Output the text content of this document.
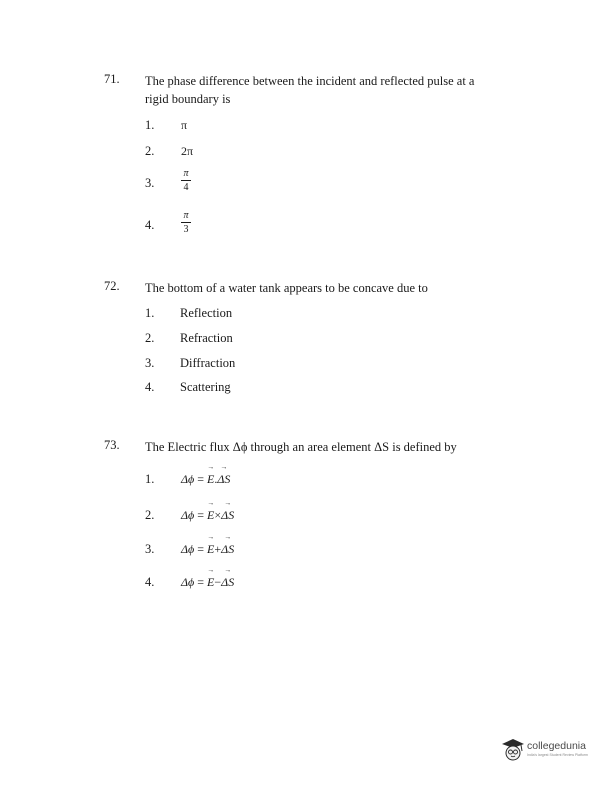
71. The phase difference between the incident and reflected pulse at a
rigid boundary is
1. π
2. 2π
3.
π
4
4.
π
3
72. The bottom of a water tank appears to be concave due to
1. Reflection
2. Refraction
3. Diffraction
4. Scattering
73. The Electric flux Δϕ through an area element ΔS is defined by
1. Δϕ = → E.→ ΔS
2. Δϕ = → E×→ ΔS
3. Δϕ = → E+→ ΔS
4. Δϕ = → E−→ ΔS
collegedunia
India's largest Student Review Platform
